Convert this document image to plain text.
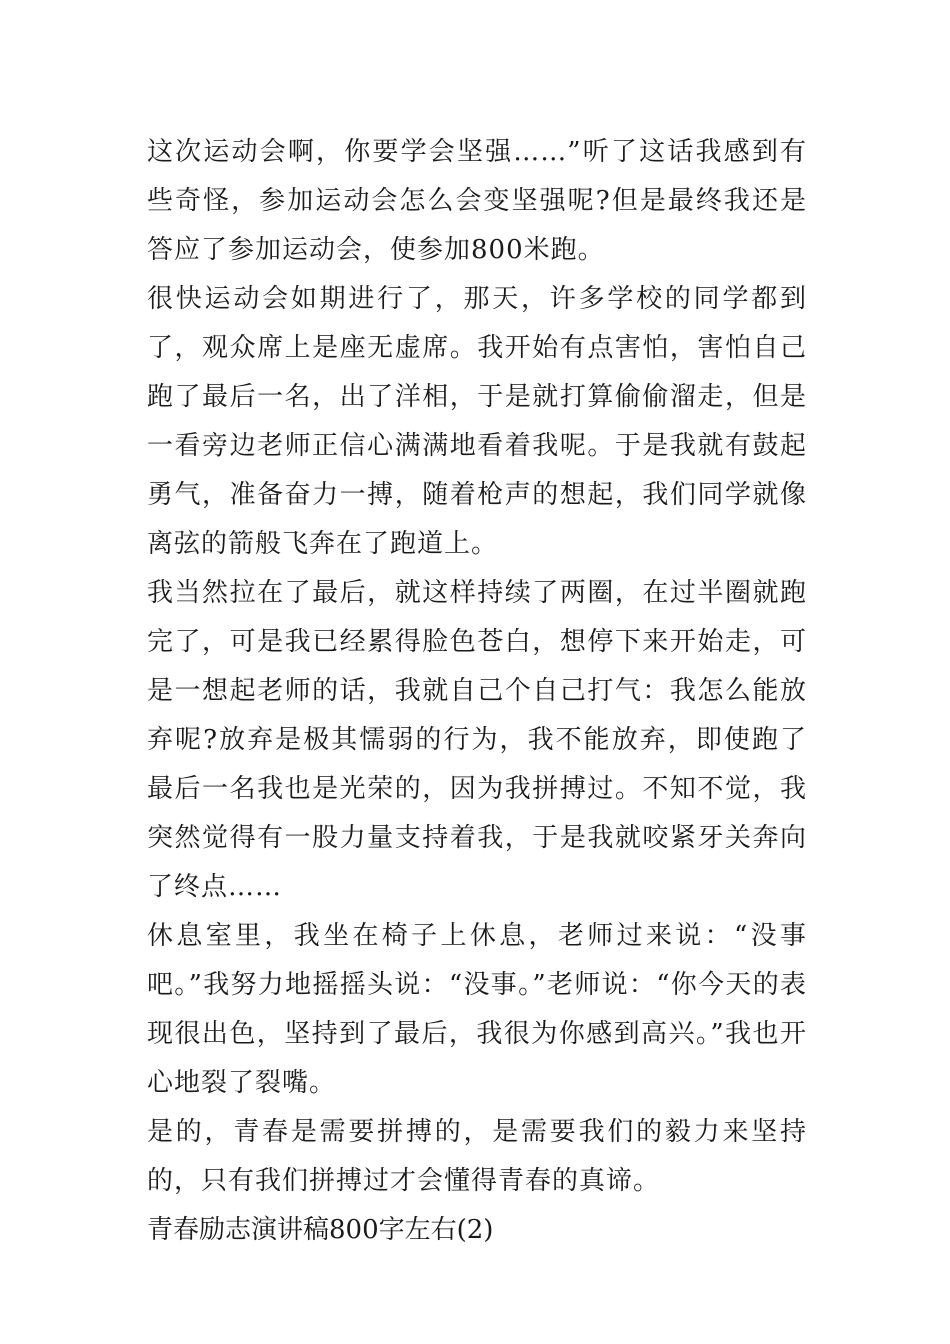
这次运动会啊，你要学会坚强……”听了这话我感到有些奇怪，参加运动会怎么会变坚强呢?但是最终我还是答应了参加运动会，使参加800米跑。

很快运动会如期进行了，那天，许多学校的同学都到了，观众席上是座无虚席。我开始有点害怕，害怕自己跑了最后一名，出了洋相，于是就打算偷偷溜走，但是一看旁边老师正信心满满地看着我呢。于是我就有鼓起勇气，准备奋力一搏，随着枪声的想起，我们同学就像离弦的箭般飞奔在了跑道上。

我当然拉在了最后，就这样持续了两圈，在过半圈就跑完了，可是我已经累得脸色苍白，想停下来开始走，可是一想起老师的话，我就自己个自己打气：我怎么能放弃呢?放弃是极其懦弱的行为，我不能放弃，即使跑了最后一名我也是光荣的，因为我拼搏过。不知不觉，我突然觉得有一股力量支持着我，于是我就咬紧牙关奔向了终点……

休息室里，我坐在椅子上休息，老师过来说：“没事吧。”我努力地摇摇头说：“没事。”老师说：“你今天的表现很出色，坚持到了最后，我很为你感到高兴。”我也开心地裂了裂嘴。

是的，青春是需要拼搏的，是需要我们的毅力来坚持的，只有我们拼搏过才会懂得青春的真谛。

青春励志演讲稿800字左右(2)
